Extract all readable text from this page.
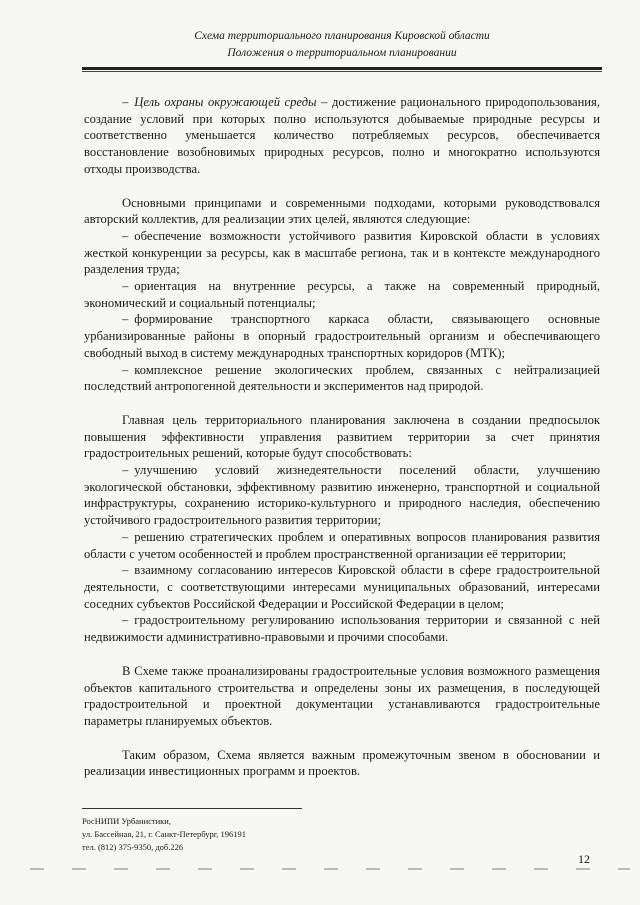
Схема территориального планирования Кировской области
Положения о территориальном планировании

– Цель охраны окружающей среды – достижение рационального природопользования, создание условий при которых полно используются добываемые природные ресурсы и соответственно уменьшается количество потребляемых ресурсов, обеспечивается восстановление возобновимых природных ресурсов, полно и многократно используются отходы производства.

Основными принципами и современными подходами, которыми руководствовался авторский коллектив, для реализации этих целей, являются следующие:

– обеспечение возможности устойчивого развития Кировской области в условиях жесткой конкуренции за ресурсы, как в масштабе региона, так и в контексте международного разделения труда;

– ориентация на внутренние ресурсы, а также на современный природный, экономический и социальный потенциалы;

– формирование транспортного каркаса области, связывающего основные урбанизированные районы в опорный градостроительный организм и обеспечивающего свободный выход в систему международных транспортных коридоров (МТК);

– комплексное решение экологических проблем, связанных с нейтрализацией последствий антропогенной деятельности и экспериментов над природой.

Главная цель территориального планирования заключена в создании предпосылок повышения эффективности управления развитием территории за счет принятия градостроительных решений, которые будут способствовать:

– улучшению условий жизнедеятельности поселений области, улучшению экологической обстановки, эффективному развитию инженерно, транспортной и социальной инфраструктуры, сохранению историко-культурного и природного наследия, обеспечению устойчивого градостроительного развития территории;

– решению стратегических проблем и оперативных вопросов планирования развития области с учетом особенностей и проблем пространственной организации её территории;

– взаимному согласованию интересов Кировской области в сфере градостроительной деятельности, с соответствующими интересами муниципальных образований, интересами соседних субъектов Российской Федерации и Российской Федерации в целом;

– градостроительному регулированию использования территории и связанной с ней недвижимости административно-правовыми и прочими способами.

В Схеме также проанализированы градостроительные условия возможного размещения объектов капитального строительства и определены зоны их размещения, в последующей градостроительной и проектной документации устанавливаются градостроительные параметры планируемых объектов.

Таким образом, Схема является важным промежуточным звеном в обосновании и реализации инвестиционных программ и проектов.

РосНИПИ Урбанистики,
ул. Бассейная, 21, г. Санкт-Петербург, 196191
тел. (812) 375-9350, доб.226
12
